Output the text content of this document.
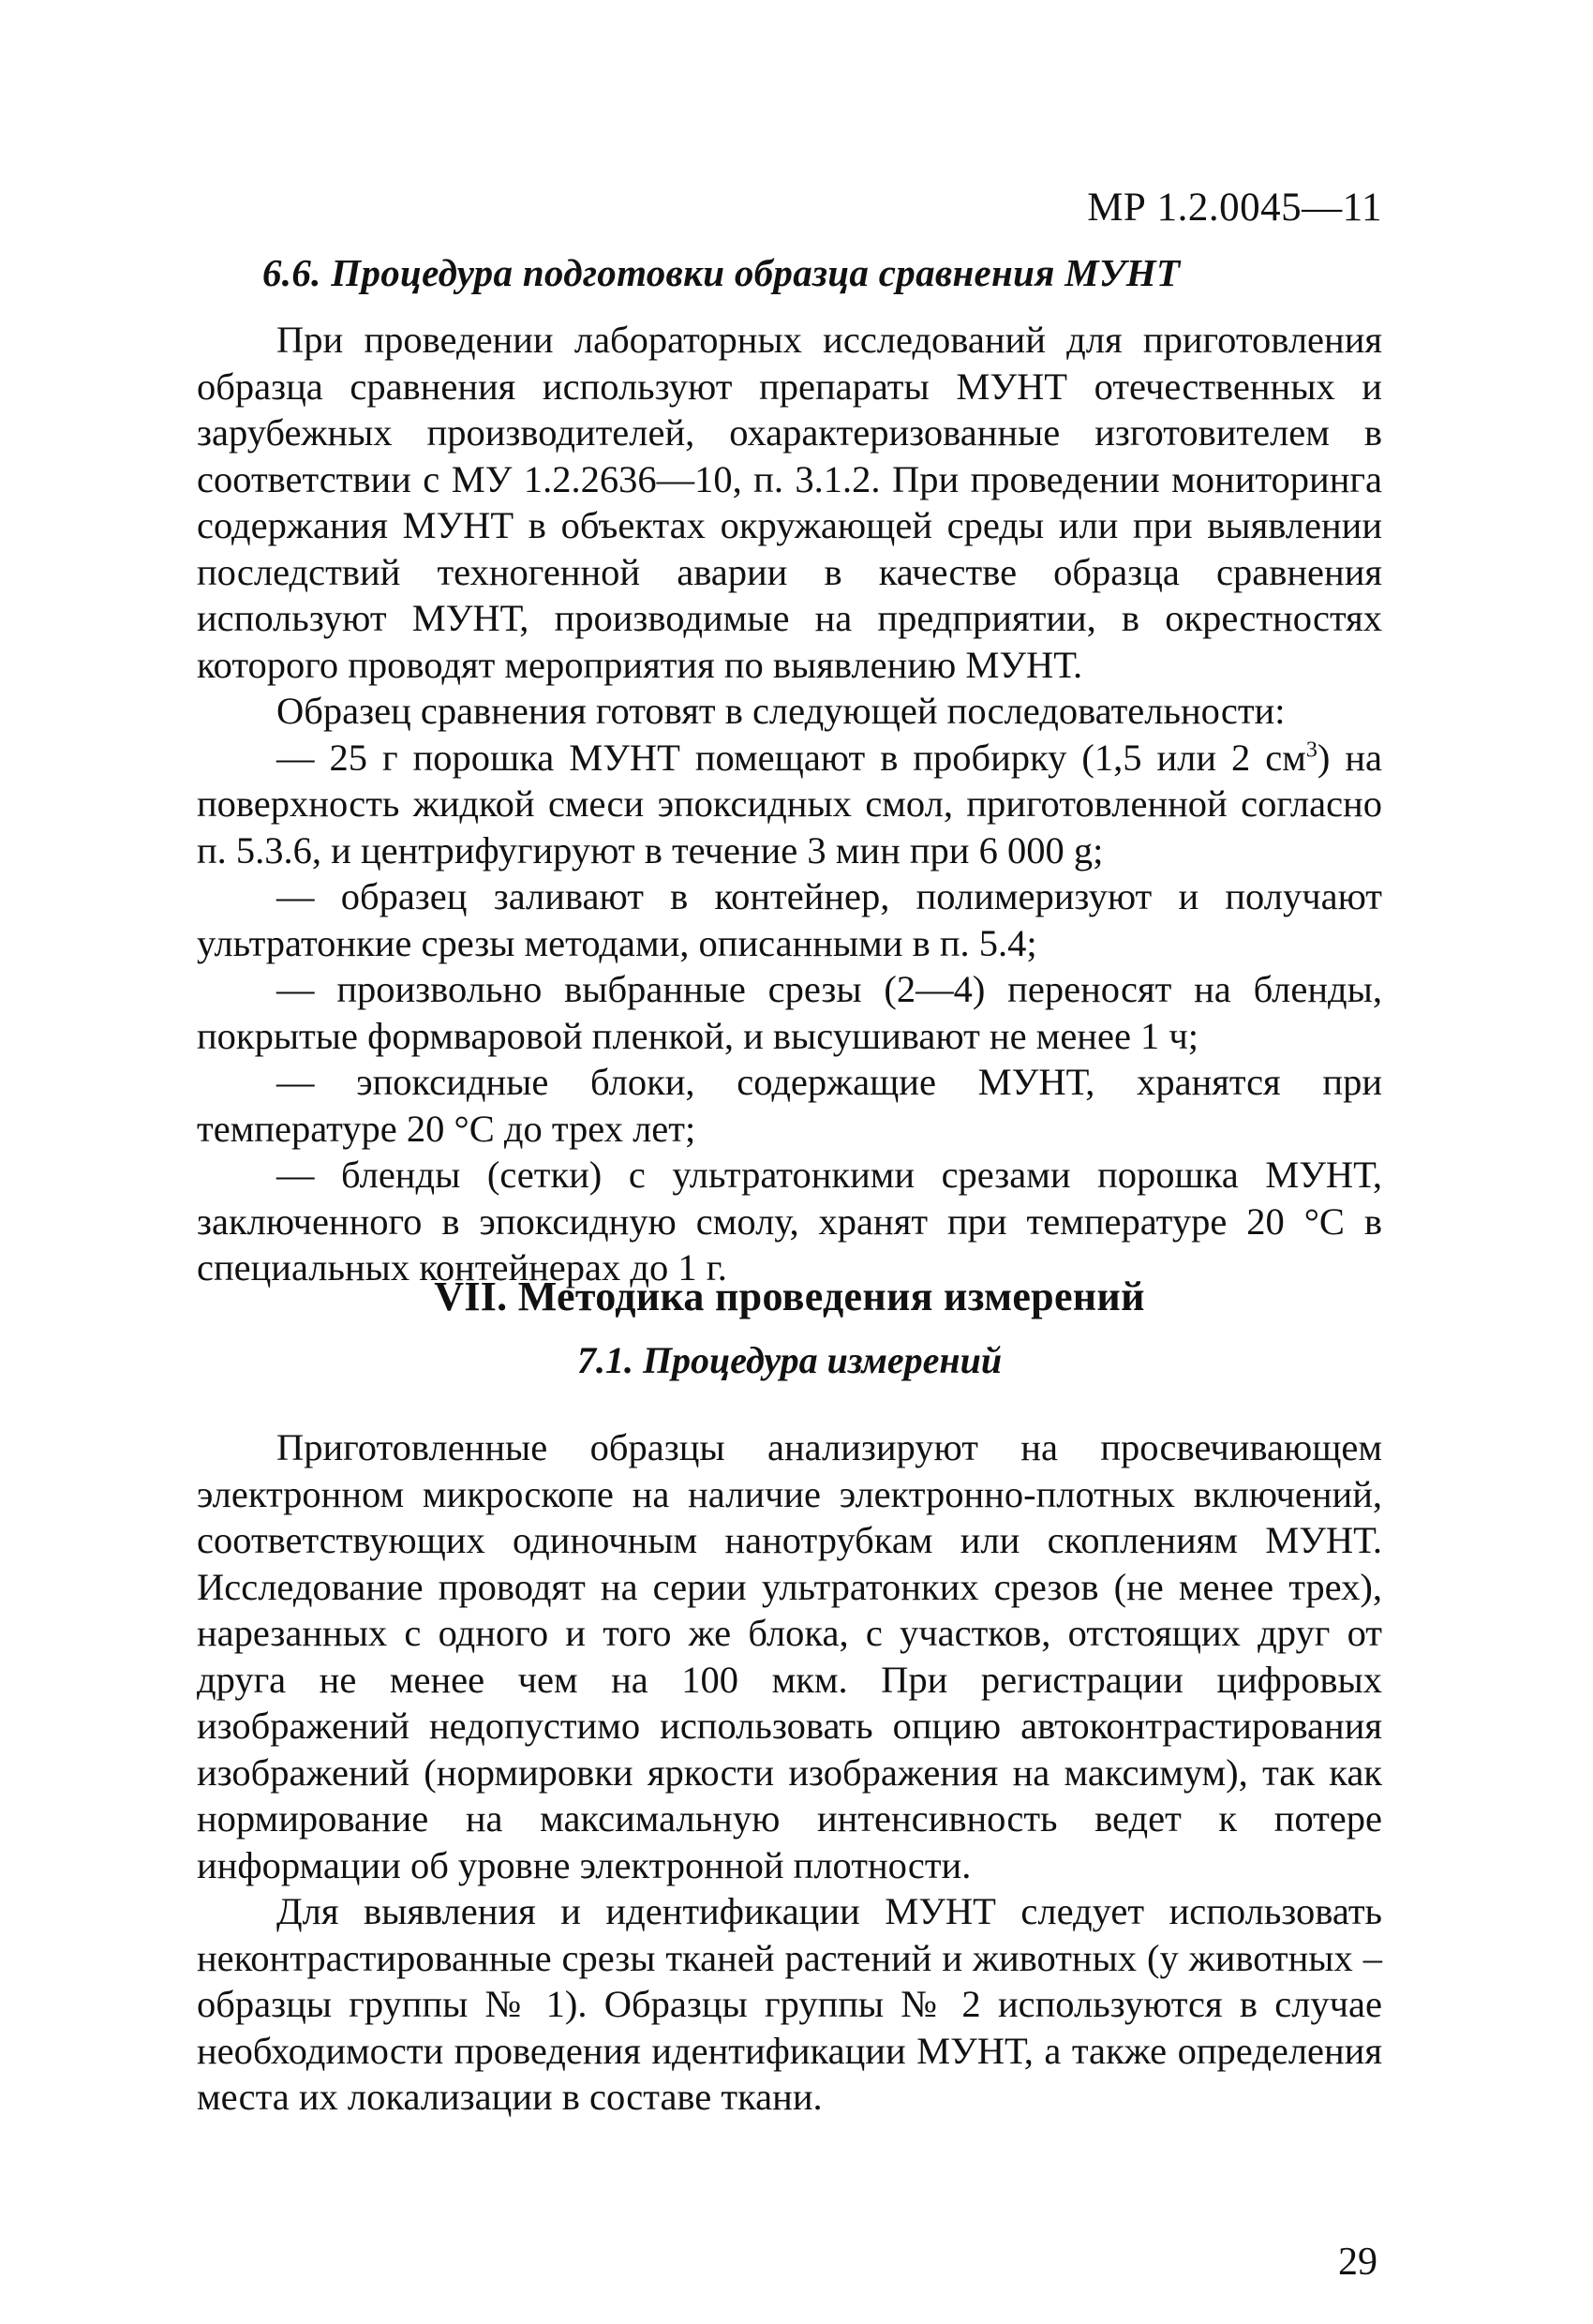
МР 1.2.0045—11
6.6. Процедура подготовки образца сравнения МУНТ

При проведении лабораторных исследований для приготовления образца сравнения используют препараты МУНТ отечественных и зарубежных производителей, охарактеризованные изготовителем в соответствии с МУ 1.2.2636—10, п. 3.1.2. При проведении мониторинга содержания МУНТ в объектах окружающей среды или при выявлении последствий техногенной аварии в качестве образца сравнения используют МУНТ, производимые на предприятии, в окрестностях которого проводят мероприятия по выявлению МУНТ.

Образец сравнения готовят в следующей последовательности:

— 25 г порошка МУНТ помещают в пробирку (1,5 или 2 $см^3$) на поверхность жидкой смеси эпоксидных смол, приготовленной согласно п. 5.3.6, и центрифугируют в течение 3 мин при 6 000 g;

— образец заливают в контейнер, полимеризуют и получают ультратонкие срезы методами, описанными в п. 5.4;

— произвольно выбранные срезы (2—4) переносят на бленды, покрытые формваровой пленкой, и высушивают не менее 1 ч;

— эпоксидные блоки, содержащие МУНТ, хранятся при температуре 20 °С до трех лет;

— бленды (сетки) с ультратонкими срезами порошка МУНТ, заключенного в эпоксидную смолу, хранят при температуре 20 °С в специальных контейнерах до 1 г.

VII. Методика проведения измерений
7.1. Процедура измерений

Приготовленные образцы анализируют на просвечивающем электронном микроскопе на наличие электронно-плотных включений, соответствующих одиночным нанотрубкам или скоплениям МУНТ. Исследование проводят на серии ультратонких срезов (не менее трех), нарезанных с одного и того же блока, с участков, отстоящих друг от друга не менее чем на 100 мкм. При регистрации цифровых изображений недопустимо использовать опцию автоконтрастирования изображений (нормировки яркости изображения на максимум), так как нормирование на максимальную интенсивность ведет к потере информации об уровне электронной плотности.

Для выявления и идентификации МУНТ следует использовать неконтрастированные срезы тканей растений и животных (у животных – образцы группы № 1). Образцы группы № 2 используются в случае необходимости проведения идентификации МУНТ, а также определения места их локализации в составе ткани.

29
